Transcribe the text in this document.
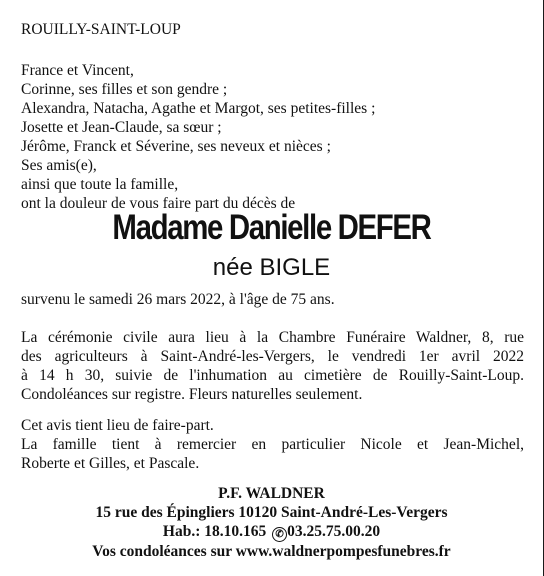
ROUILLY-SAINT-LOUP
France et Vincent,
Corinne, ses filles et son gendre ;
Alexandra, Natacha, Agathe et Margot, ses petites-filles ;
Josette et Jean-Claude, sa sœur ;
Jérôme, Franck et Séverine, ses neveux et nièces ;
Ses amis(e),
ainsi que toute la famille,
ont la douleur de vous faire part du décès de
Madame Danielle DEFER
née BIGLE
survenu le samedi 26 mars 2022, à l'âge de 75 ans.
La cérémonie civile aura lieu à la Chambre Funéraire Waldner, 8, rue
des agriculteurs à Saint-André-les-Vergers, le vendredi 1er avril 2022
à 14 h 30, suivie de l'inhumation au cimetière de Rouilly-Saint-Loup.
Condoléances sur registre. Fleurs naturelles seulement.
Cet avis tient lieu de faire-part.
La famille tient à remercier en particulier Nicole et Jean-Michel,
Roberte et Gilles, et Pascale.
P.F. WALDNER
15 rue des Épingliers 10120 Saint-André-Les-Vergers
Hab.: 18.10.165 ✆ 03.25.75.00.20
Vos condoléances sur www.waldnerpompesfunebres.fr
